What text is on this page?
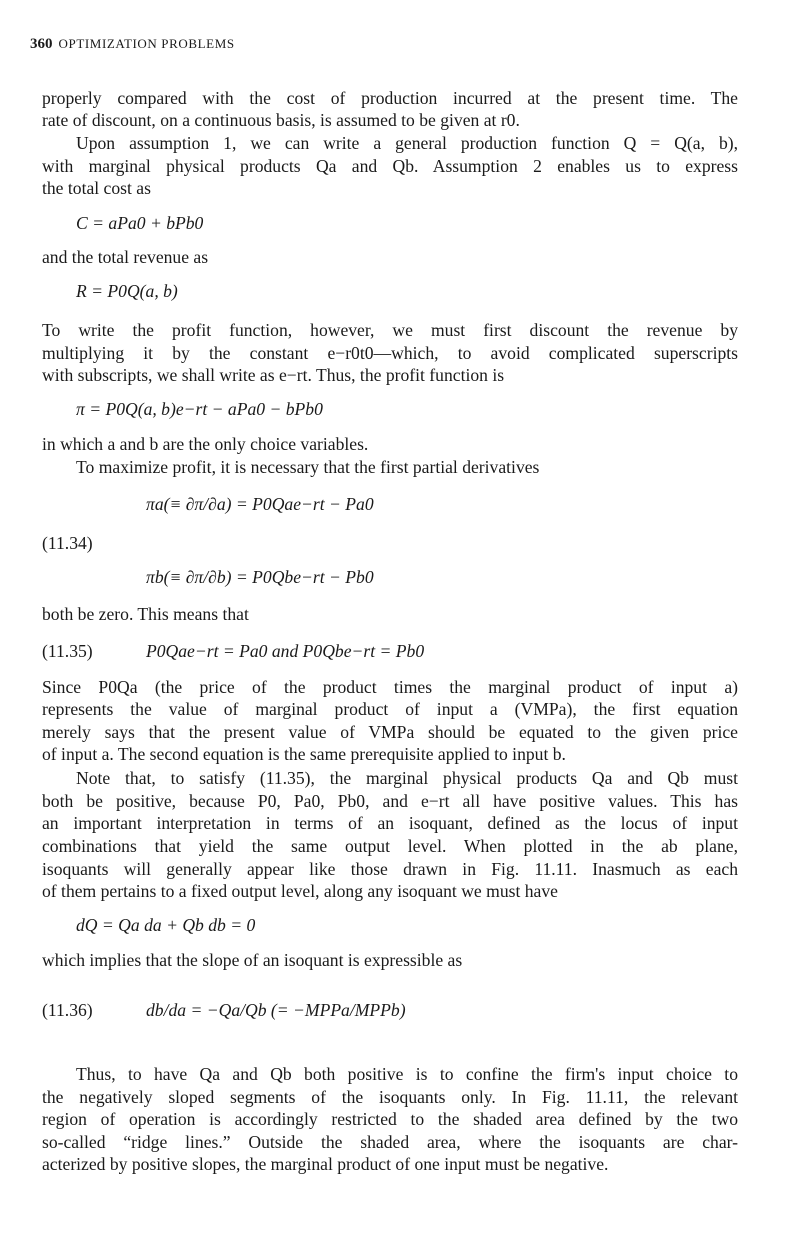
360 OPTIMIZATION PROBLEMS
properly compared with the cost of production incurred at the present time. The
rate of discount, on a continuous basis, is assumed to be given at r0.
Upon assumption 1, we can write a general production function Q = Q(a, b),
with marginal physical products Qa and Qb. Assumption 2 enables us to express
the total cost as
C = aPa0 + bPb0
and the total revenue as
R = P0Q(a, b)
To write the profit function, however, we must first discount the revenue by
multiplying it by the constant e−r0t0—which, to avoid complicated superscripts
with subscripts, we shall write as e−rt. Thus, the profit function is
π = P0Q(a, b)e−rt − aPa0 − bPb0
in which a and b are the only choice variables.
To maximize profit, it is necessary that the first partial derivatives
(11.34)
πa(≡ ∂π/∂a) = P0Qae−rt − Pa0
πb(≡ ∂π/∂b) = P0Qbe−rt − Pb0
both be zero. This means that
(11.35)	P0Qae−rt = Pa0 and P0Qbe−rt = Pb0
Since P0Qa (the price of the product times the marginal product of input a)
represents the value of marginal product of input a (VMPa), the first equation
merely says that the present value of VMPa should be equated to the given price
of input a. The second equation is the same prerequisite applied to input b.
Note that, to satisfy (11.35), the marginal physical products Qa and Qb must
both be positive, because P0, Pa0, Pb0, and e−rt all have positive values. This has
an important interpretation in terms of an isoquant, defined as the locus of input
combinations that yield the same output level. When plotted in the ab plane,
isoquants will generally appear like those drawn in Fig. 11.11. Inasmuch as each
of them pertains to a fixed output level, along any isoquant we must have
dQ = Qa da + Qb db = 0
which implies that the slope of an isoquant is expressible as
(11.36)	db/da = −Qa/Qb (= −MPPa/MPPb)
Thus, to have Qa and Qb both positive is to confine the firm's input choice to
the negatively sloped segments of the isoquants only. In Fig. 11.11, the relevant
region of operation is accordingly restricted to the shaded area defined by the two
so-called “ridge lines.” Outside the shaded area, where the isoquants are char-
acterized by positive slopes, the marginal product of one input must be negative.
